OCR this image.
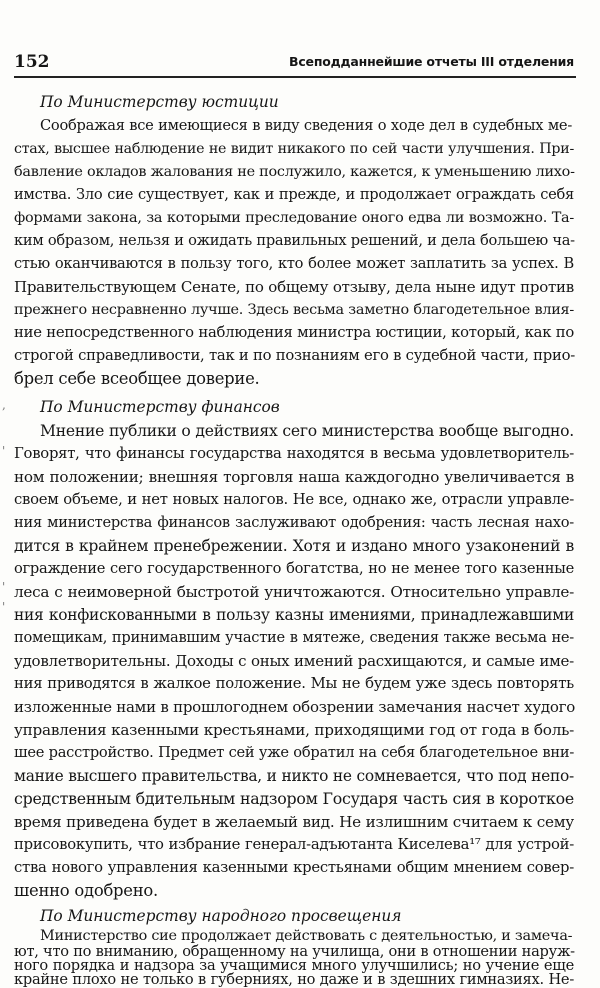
152	Всеподданнейшие отчеты III отделения
По Министерству юстиции
Соображая все имеющиеся в виду сведения о ходе дел в судебных ме-
стах, высшее наблюдение не видит никакого по сей части улучшения. При-
бавление окладов жалования не послужило, кажется, к уменьшению лихо-
имства. Зло сие существует, как и прежде, и продолжает ограждать себя
формами закона, за которыми преследование оного едва ли возможно. Та-
ким образом, нельзя и ожидать правильных решений, и дела большею ча-
стью оканчиваются в пользу того, кто более может заплатить за успех. В
Правительствующем Сенате, по общему отзыву, дела ныне идут против
прежнего несравненно лучше. Здесь весьма заметно благодетельное влия-
ние непосредственного наблюдения министра юстиции, который, как по
строгой справедливости, так и по познаниям его в судебной части, прио-
брел себе всеобщее доверие.
По Министерству финансов
Мнение публики о действиях сего министерства вообще выгодно.
Говорят, что финансы государства находятся в весьма удовлетворитель-
ном положении; внешняя торговля наша каждогодно увеличивается в
своем объеме, и нет новых налогов. Не все, однако же, отрасли управле-
ния министерства финансов заслуживают одобрения: часть лесная нахо-
дится в крайнем пренебрежении. Хотя и издано много узаконений в
ограждение сего государственного богатства, но не менее того казенные
леса с неимоверной быстротой уничтожаются. Относительно управле-
ния конфискованными в пользу казны имениями, принадлежавшими
помещикам, принимавшим участие в мятеже, сведения также весьма не-
удовлетворительны. Доходы с оных имений расхищаются, и самые име-
ния приводятся в жалкое положение. Мы не будем уже здесь повторять
изложенные нами в прошлогоднем обозрении замечания насчет худого
управления казенными крестьянами, приходящими год от года в боль-
шее расстройство. Предмет сей уже обратил на себя благодетельное вни-
мание высшего правительства, и никто не сомневается, что под непо-
средственным бдительным надзором Государя часть сия в короткое
время приведена будет в желаемый вид. Не излишним считаем к сему
присовокупить, что избрание генерал-адъютанта Киселева¹⁷ для устрой-
ства нового управления казенными крестьянами общим мнением совер-
шенно одобрено.
По Министерству народного просвещения
Министерство сие продолжает действовать с деятельностью, и замеча-
ют, что по вниманию, обращенному на училища, они в отношении наруж-
ного порядка и надзора за учащимися много улучшились; но учение еще
крайне плохо не только в губерниях, но даже и в здешних гимназиях. Не-
,
'
'
'
